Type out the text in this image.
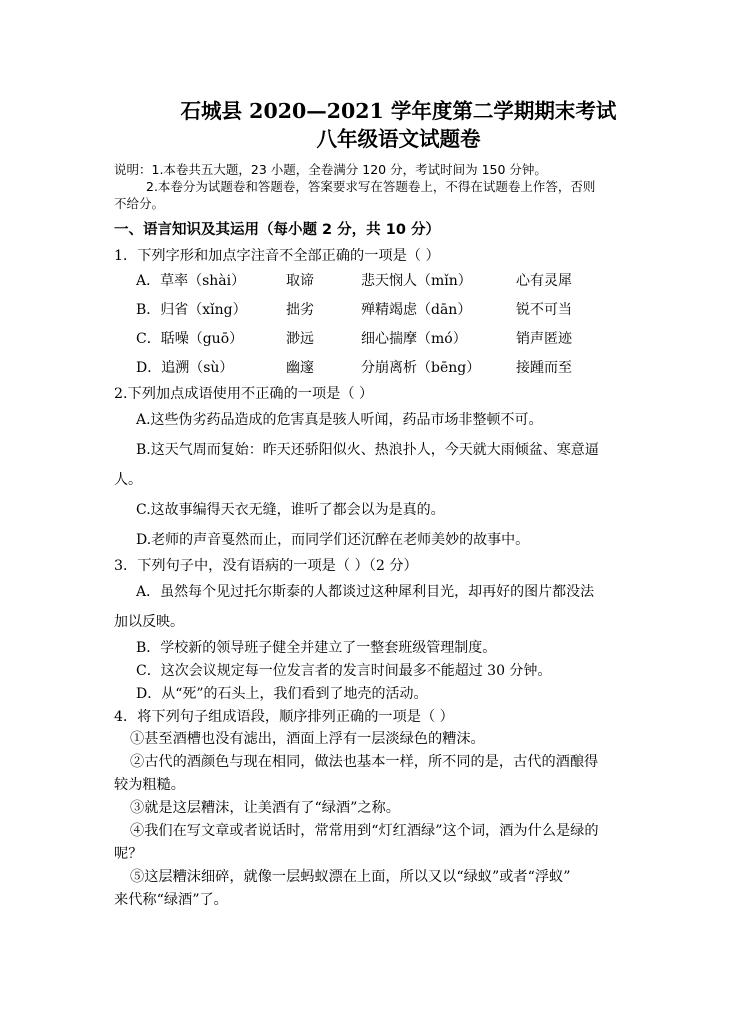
石城县 2020—2021 学年度第二学期期末考试
八年级语文试题卷
说明：1.本卷共五大题，23 小题，全卷满分 120 分，考试时间为 150 分钟。
2.本卷分为试题卷和答题卷，答案要求写在答题卷上，不得在试题卷上作答，否则
不给分。
一、语言知识及其运用（每小题 2 分，共 10 分）
1．下列字形和加点字注音不全部正确的一项是（ ）
A．草率（shài）	取谛	悲天悯人（mǐn）	心有灵犀
B．归省（xǐng）	拙劣	殚精竭虑（dān）	锐不可当
C．聒噪（guō）	渺远	细心揣摩（mó）	销声匿迹
D．追溯（sù）	幽邃	分崩离析（bēng）	接踵而至
2.下列加点成语使用不正确的一项是（ ）
A.这些伪劣药品造成的危害真是骇人听闻，药品市场非整顿不可。
B.这天气周而复始：昨天还骄阳似火、热浪扑人，今天就大雨倾盆、寒意逼
人。
C.这故事编得天衣无缝，谁听了都会以为是真的。
D.老师的声音戛然而止，而同学们还沉醉在老师美妙的故事中。
3．下列句子中，没有语病的一项是（ ）（2 分）
A．虽然每个见过托尔斯泰的人都谈过这种犀利目光，却再好的图片都没法
加以反映。
B．学校新的领导班子健全并建立了一整套班级管理制度。
C．这次会议规定每一位发言者的发言时间最多不能超过 30 分钟。
D．从“死”的石头上，我们看到了地壳的活动。
4．将下列句子组成语段，顺序排列正确的一项是（ ）
①甚至酒槽也没有滤出，酒面上浮有一层淡绿色的糟沫。
②古代的酒颜色与现在相同，做法也基本一样，所不同的是，古代的酒酿得
较为粗糙。
③就是这层糟沫，让美酒有了“绿酒”之称。
④我们在写文章或者说话时，常常用到“灯红酒绿”这个词，酒为什么是绿的
呢？
⑤这层糟沫细碎，就像一层蚂蚁漂在上面，所以又以“绿蚁”或者“浮蚁”
来代称“绿酒”了。
